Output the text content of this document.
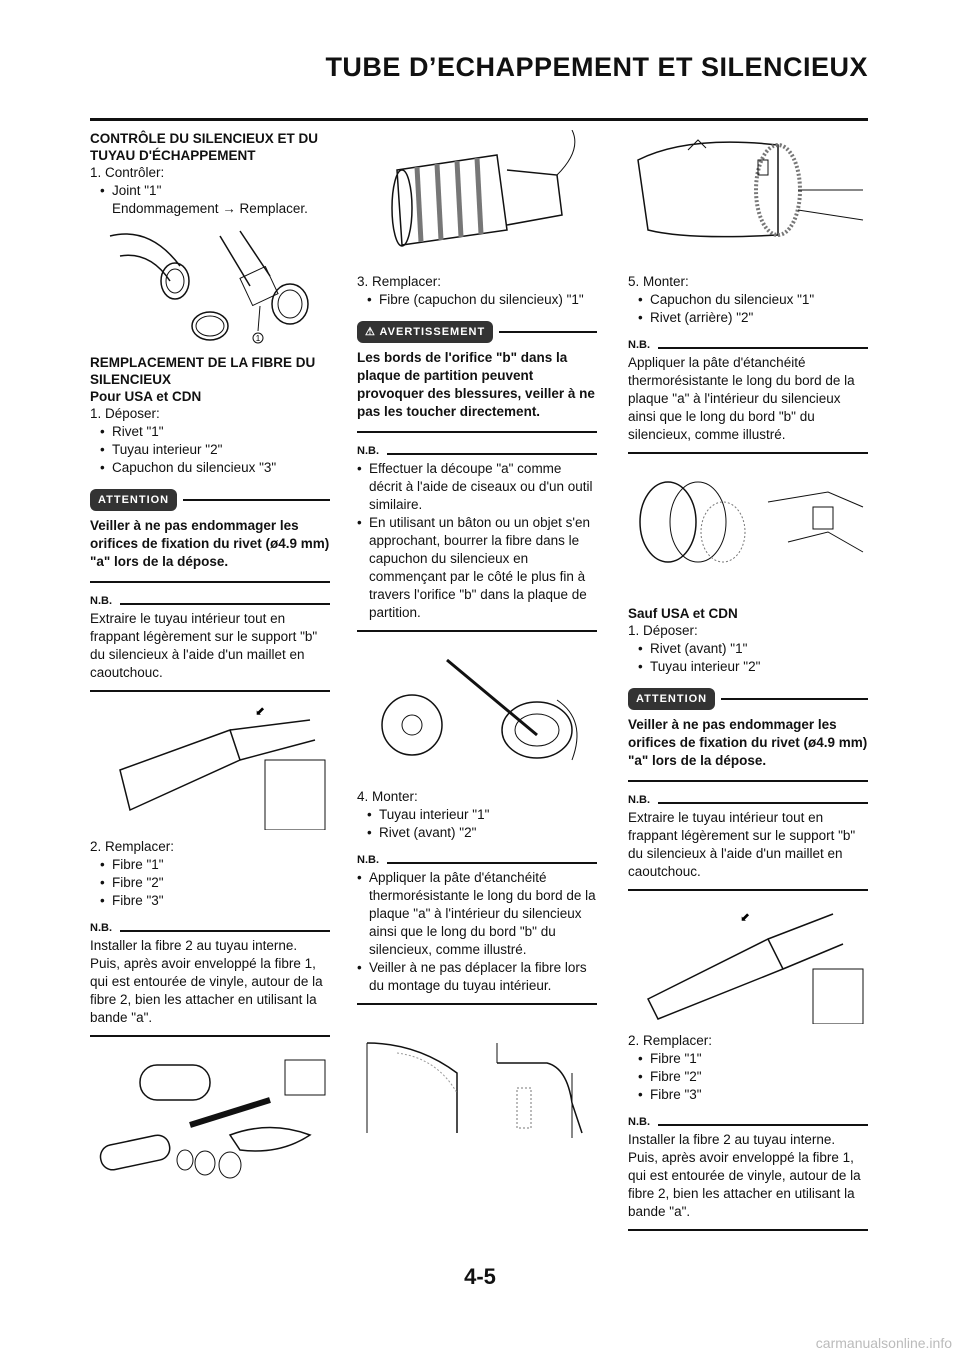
TUBE D’ECHAPPEMENT ET SILENCIEUX
CONTRÔLE DU SILENCIEUX ET DU TUYAU D'ÉCHAPPEMENT
1. Contrôler:
• Joint "1"
Endommagement → Remplacer.
1
REMPLACEMENT DE LA FIBRE DU SILENCIEUX
Pour USA et CDN
1. Déposer:
• Rivet "1"
• Tuyau interieur "2"
• Capuchon du silencieux "3"
ATTENTION
Veiller à ne pas endommager les orifices de fixation du rivet (ø4.9 mm) "a" lors de la dépose.
N.B.
Extraire le tuyau intérieur tout en frappant légèrement sur le support "b" du silencieux à l'aide d'un maillet en caoutchouc.
⬋
2. Remplacer:
• Fibre "1"
• Fibre "2"
• Fibre "3"
N.B.
Installer la fibre 2 au tuyau interne. Puis, après avoir enveloppé la fibre 1, qui est entourée de vinyle, autour de la fibre 2, bien les attacher en utilisant la bande "a".
3. Remplacer:
• Fibre (capuchon du silencieux) "1"
⚠ AVERTISSEMENT
Les bords de l'orifice "b" dans la plaque de partition peuvent provoquer des blessures, veiller à ne pas les toucher directement.
N.B.
• Effectuer la découpe "a" comme décrit à l'aide de ciseaux ou d'un outil similaire.
• En utilisant un bâton ou un objet s'en approchant, bourrer la fibre dans le capuchon du silencieux en commençant par le côté le plus fin à travers l'orifice "b" dans la plaque de partition.
4. Monter:
• Tuyau interieur "1"
• Rivet (avant) "2"
N.B.
• Appliquer la pâte d'étanchéité thermorésistante le long du bord de la plaque "a" à l'intérieur du silencieux ainsi que le long du bord "b" du silencieux, comme illustré.
• Veiller à ne pas déplacer la fibre lors du montage du tuyau intérieur.
5. Monter:
• Capuchon du silencieux "1"
• Rivet (arrière) "2"
N.B.
Appliquer la pâte d'étanchéité thermorésistante le long du bord de la plaque "a" à l'intérieur du silencieux ainsi que le long du bord "b" du silencieux, comme illustré.
Sauf USA et CDN
1. Déposer:
• Rivet (avant) "1"
• Tuyau interieur "2"
ATTENTION
Veiller à ne pas endommager les orifices de fixation du rivet (ø4.9 mm) "a" lors de la dépose.
N.B.
Extraire le tuyau intérieur tout en frappant légèrement sur le support "b" du silencieux à l'aide d'un maillet en caoutchouc.
⬋
2. Remplacer:
• Fibre "1"
• Fibre "2"
• Fibre "3"
N.B.
Installer la fibre 2 au tuyau interne. Puis, après avoir enveloppé la fibre 1, qui est entourée de vinyle, autour de la fibre 2, bien les attacher en utilisant la bande "a".
4-5
carmanualsonline.info
